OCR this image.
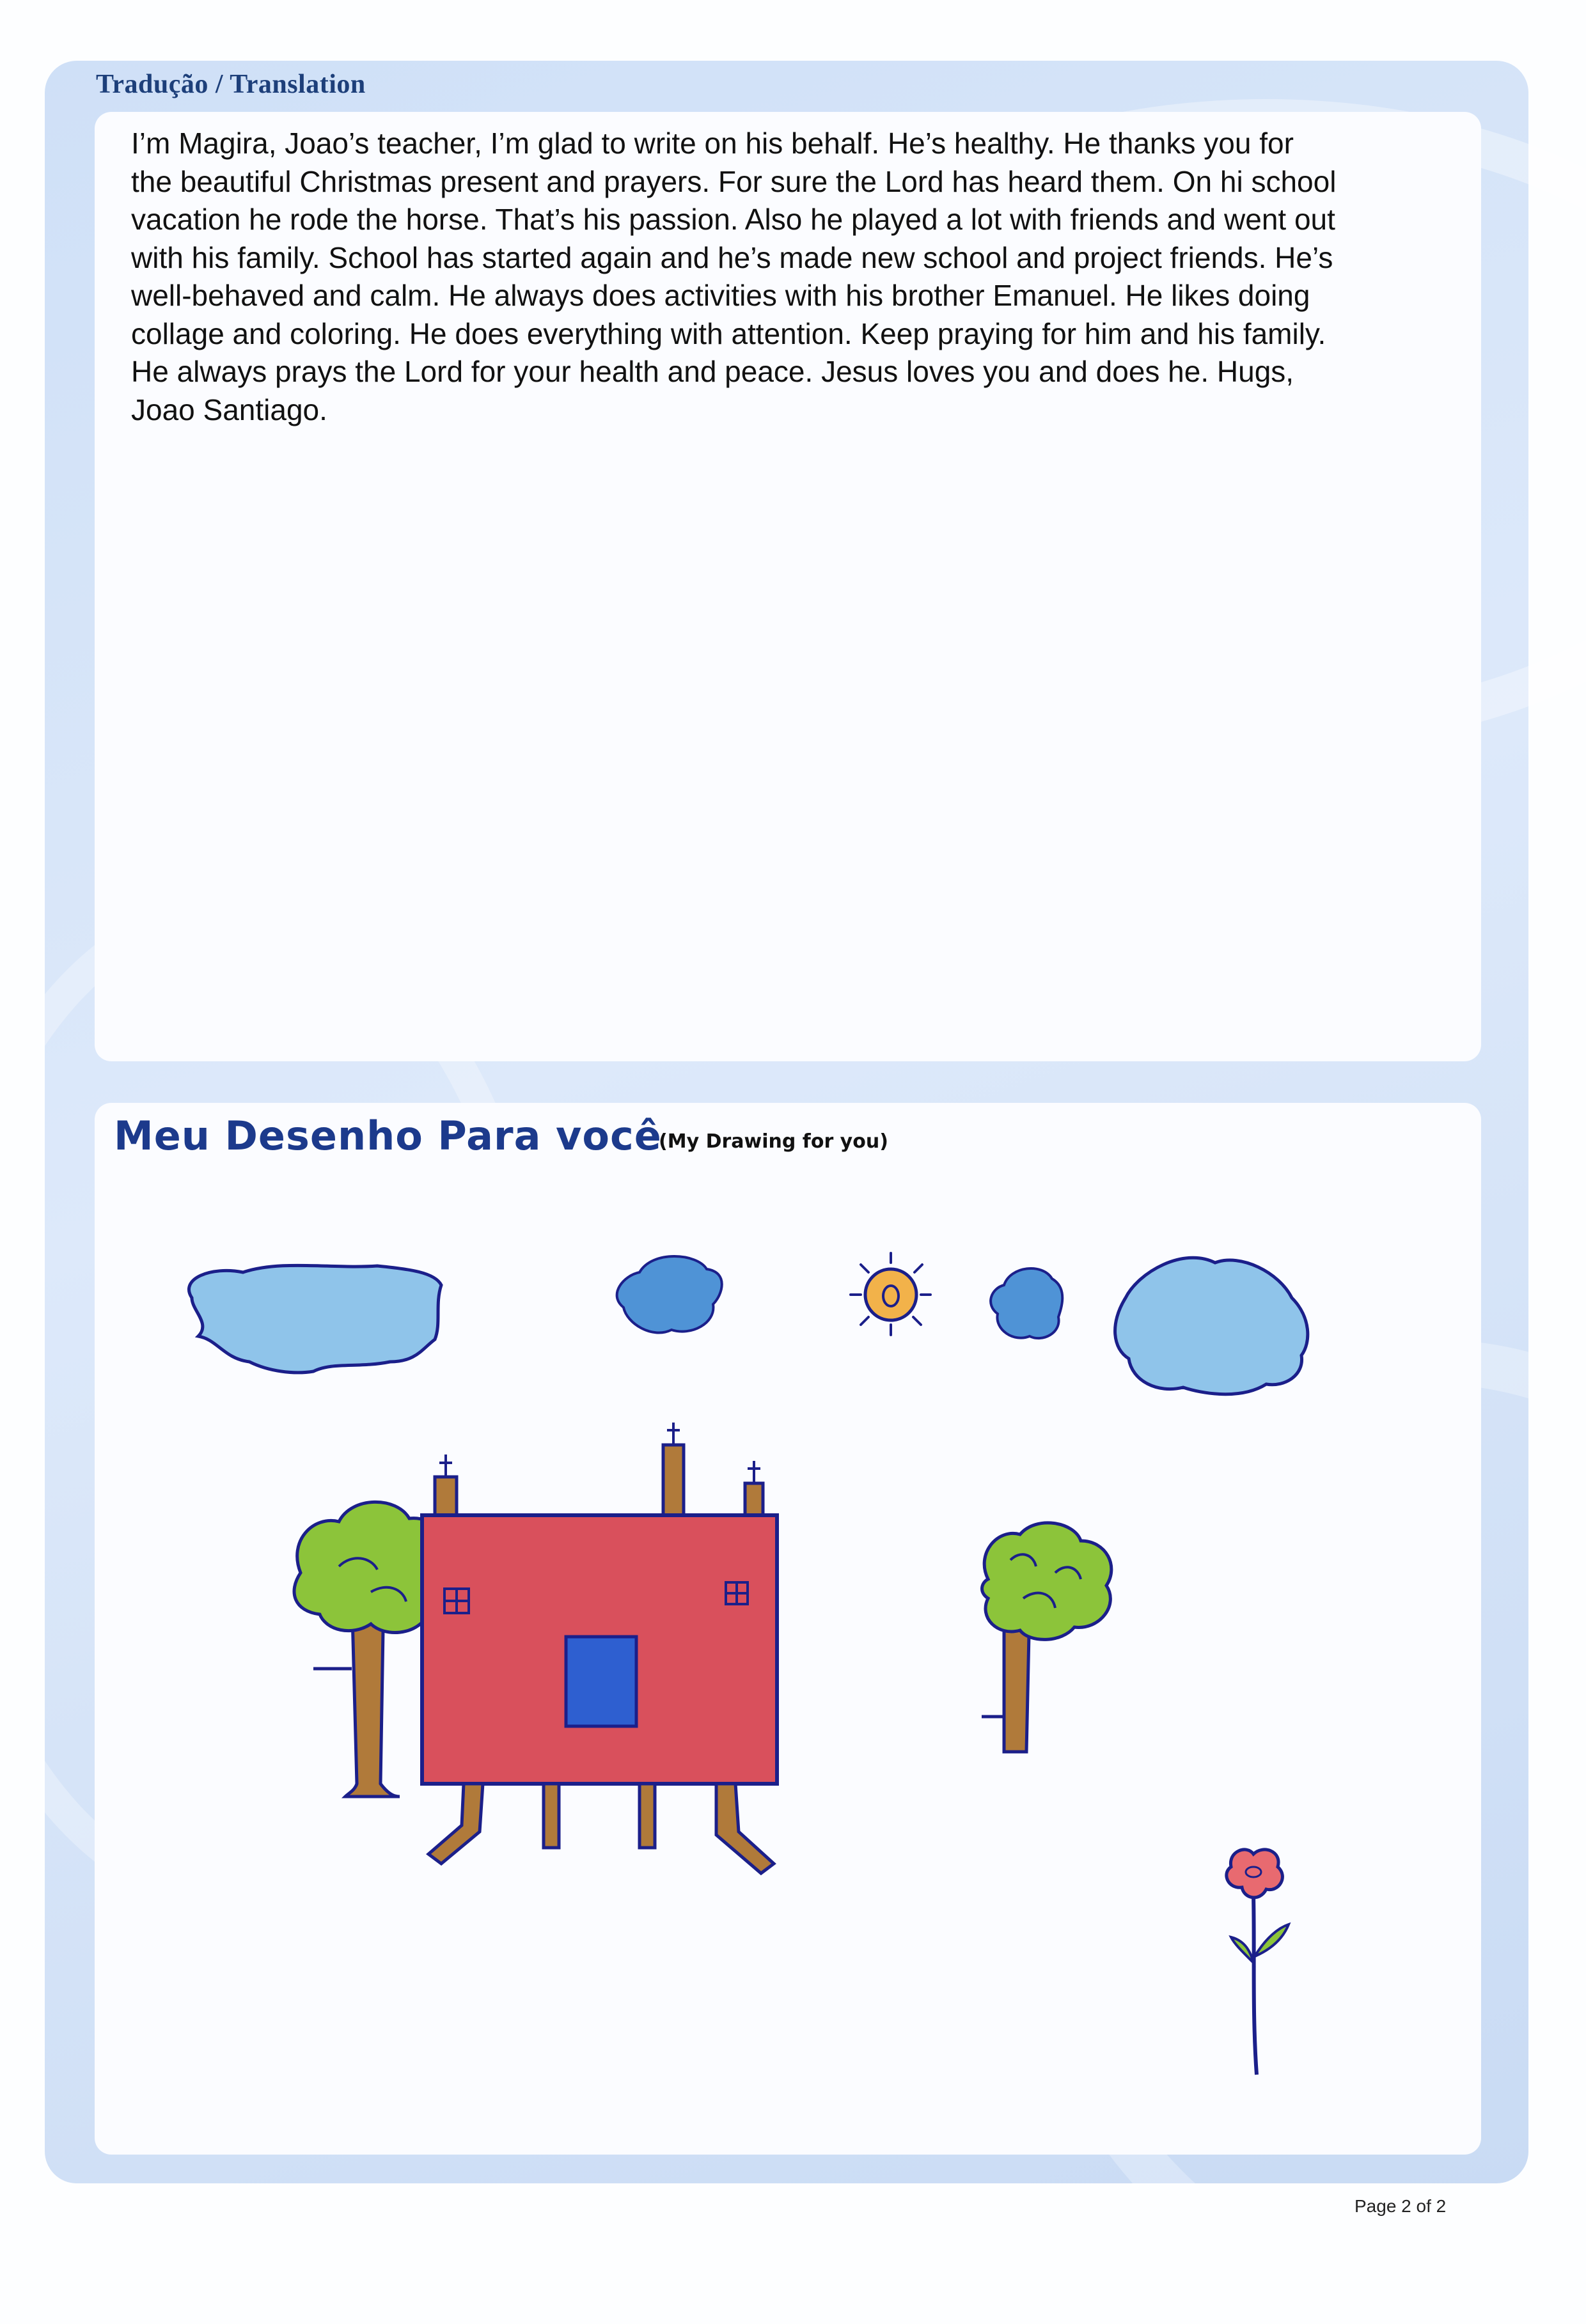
Tradução / Translation

I’m Magira, Joao’s teacher, I’m glad to write on his behalf. He’s healthy. He thanks you for
the beautiful Christmas present and prayers. For sure the Lord has heard them. On hi school
vacation he rode the horse. That’s his passion. Also he played a lot with friends and went out
with his family. School has started again and he’s made new school and project friends. He’s
well-behaved and calm. He always does activities with his brother Emanuel. He likes doing
collage and coloring. He does everything with attention. Keep praying for him and his family.
He always prays the Lord for your health and peace. Jesus loves you and does he. Hugs,
Joao Santiago.

Meu Desenho Para você
(My Drawing for you)
Page 2 of 2
